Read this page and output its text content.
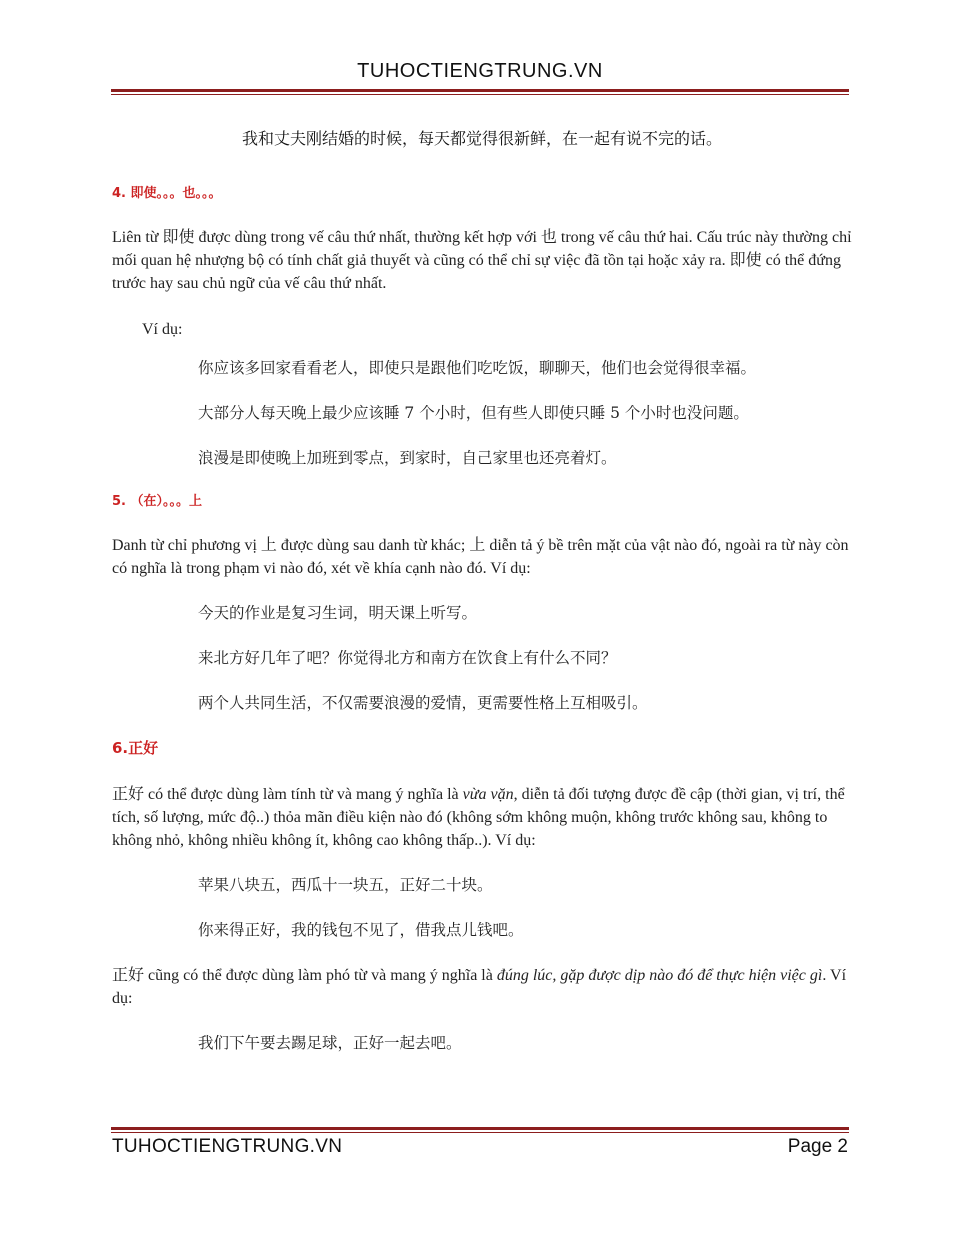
TUHOCTIENGTRUNG.VN
我和丈夫刚结婚的时候，每天都觉得很新鲜，在一起有说不完的话。
4. 即使。。。也。。。
Liên từ 即使 được dùng trong vế câu thứ nhất, thường kết hợp với 也 trong vế câu thứ hai. Cấu trúc này thường chỉ mối quan hệ nhượng bộ có tính chất giả thuyết và cũng có thể chỉ sự việc đã tồn tại hoặc xảy ra. 即使 có thể đứng trước hay sau chủ ngữ của vế câu thứ nhất.
Ví dụ:
你应该多回家看看老人，即使只是跟他们吃吃饭，聊聊天，他们也会觉得很幸福。
大部分人每天晚上最少应该睡 7 个小时，但有些人即使只睡 5 个小时也没问题。
浪漫是即使晚上加班到零点，到家时，自己家里也还亮着灯。
5. （在）。。。上
Danh từ chỉ phương vị 上 được dùng sau danh từ khác; 上 diễn tả ý bề trên mặt của vật nào đó, ngoài ra từ này còn có nghĩa là trong phạm vi nào đó, xét về khía cạnh nào đó. Ví dụ:
今天的作业是复习生词，明天课上听写。
来北方好几年了吧？你觉得北方和南方在饮食上有什么不同？
两个人共同生活，不仅需要浪漫的爱情，更需要性格上互相吸引。
6.正好
正好 có thể được dùng làm tính từ và mang ý nghĩa là vừa vặn, diễn tả đối tượng được đề cập (thời gian, vị trí, thể tích, số lượng, mức độ..) thỏa mãn điều kiện nào đó (không sớm không muộn, không trước không sau, không to không nhỏ, không nhiều không ít, không cao không thấp..). Ví dụ:
苹果八块五，西瓜十一块五，正好二十块。
你来得正好，我的钱包不见了，借我点儿钱吧。
正好 cũng có thể được dùng làm phó từ và mang ý nghĩa là đúng lúc, gặp được dịp nào đó để thực hiện việc gì. Ví dụ:
我们下午要去踢足球，正好一起去吧。
TUHOCTIENGTRUNG.VN	Page 2
